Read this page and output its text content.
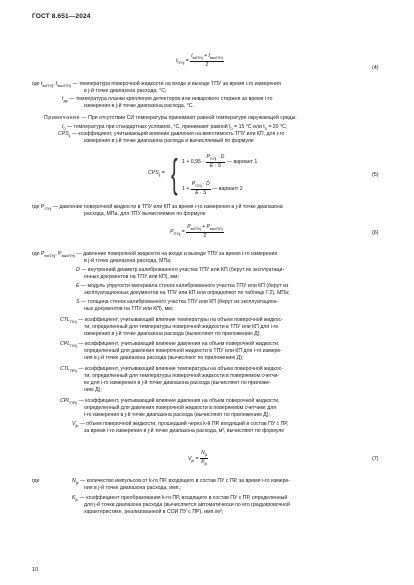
ГОСТ 8.651—2024
$t_{ПУij} = \frac{t_{вхПУij} + t_{выхПУij}}{2}$	(4)
где $t_{вхПУij}$, $t_{выхПУij}$ — температура поверочной жидкости на входе и выходе ТПУ за время i-го измерения
в j-й точке диапазона расхода, °C;
$t_{др}$ — температура планки крепления детекторов или инварового стержня за время i-го
измерения в j-й точке диапазона расхода, °C.
Примечание — При отсутствии СИ температуры принимают равной температуре окружающей среды:
$t_0$ — температура при стандартных условиях, °C, принимают равной $t_0 = 15$ °C или $t_0 = 20$ °C;
$CPS_{ij}$ — коэффициент, учитывающий влияние давления на вместимость ТПУ или КП, для i-го
измерения в j-й точке диапазона расхода и вычисляемый по формуле
$CPS_{ij}$ = { $1 + 0,95 \cdot \frac{P_{ПУij} \cdot D}{E \cdot S}$ — вариант 1
$1 + \frac{P_{ПУij} \cdot D}{E \cdot S}$ — вариант 2
(5)
где $P_{ПУij}$ — давление поверочной жидкости в ТПУ или КП за время i-го измерения в j-й точке диапазона
расхода, МПа, для ТПУ вычисляемое по формуле
$P_{ПУij} = \frac{P_{вхПУij} + P_{выхПУij}}{2}$	(6)
где $P_{вхПУij}$, $P_{выхПУij}$ — давление поверочной жидкости на входе и выходе ТПУ за время i-го измерения
в j-й точке диапазона расхода, МПа;
D — внутренний диаметр калиброванного участка ТПУ или КП (берут из эксплуатаци-
онных документов на ТПУ или КП), мм;
E — модуль упругости материала стенок калиброванного участка ТПУ или КП (берут из
эксплуатационных документов на ТПУ или КП или определяют по таблице Г.2), МПа;
S — толщина стенок калиброванного участка ТПУ или КП (берут из эксплуатацион-
ных документов на ТПУ или КП), мм;
$CTL_{ПУij}$ — коэффициент, учитывающий влияние температуры на объем поверочной жидкос-
ти, определенный для температуры поверочной жидкости в ТПУ или КП для i-го
измерения в j-й точке диапазона расхода (вычисляют по приложению Д);
$CPL_{ПУij}$ — коэффициент, учитывающий влияние давления на объем поверочной жидкости,
определенный для давления поверочной жидкости в ТПУ или КП для i-го измере-
ния в j-й точке диапазона расхода (вычисляют по приложению Д);
$CTL_{ПРij}$ — коэффициент, учитывающий влияние температуры на объем поверочной жидкос-
ти, определенный для температуры поверочной жидкости в поверяемом счетчи-
ке для i-го измерения в j-й точке диапазона расхода (вычисляют по приложе-
нию Д);
$CPL_{ПРij}$ — коэффициент, учитывающий влияние давления на объем поверочной жидкости,
определенный для давления поверочной жидкости в поверяемом счетчике для
i-го измерения в j-й точке диапазона расхода (вычисляют по приложению Д);
$V_{jk}$ — объем поверочной жидкости, прошедший через k-й ПР, входящий в состав ПУ с ПР,
за время i-го измерения в j-й точке диапазона расхода, м³, вычисляют по формуле
$V_{jk} = \frac{N_{jk}}{K_{jk}}$	(7)
где	$N_{jk}$ — количество импульсов от k-го ПР, входящего в состав ПУ с ПР, за время i-го измере-
ния в j-й точке диапазона расхода, имп.;
$K_{jk}$ — коэффициент преобразования k-го ПР, входящего в состав ПУ с ПР, определенный
для j-й точки диапазона расхода (вычисляется автоматически по его градуировочной
характеристике, реализованной в СОИ ПУ с ПР), имп./м³;
10
